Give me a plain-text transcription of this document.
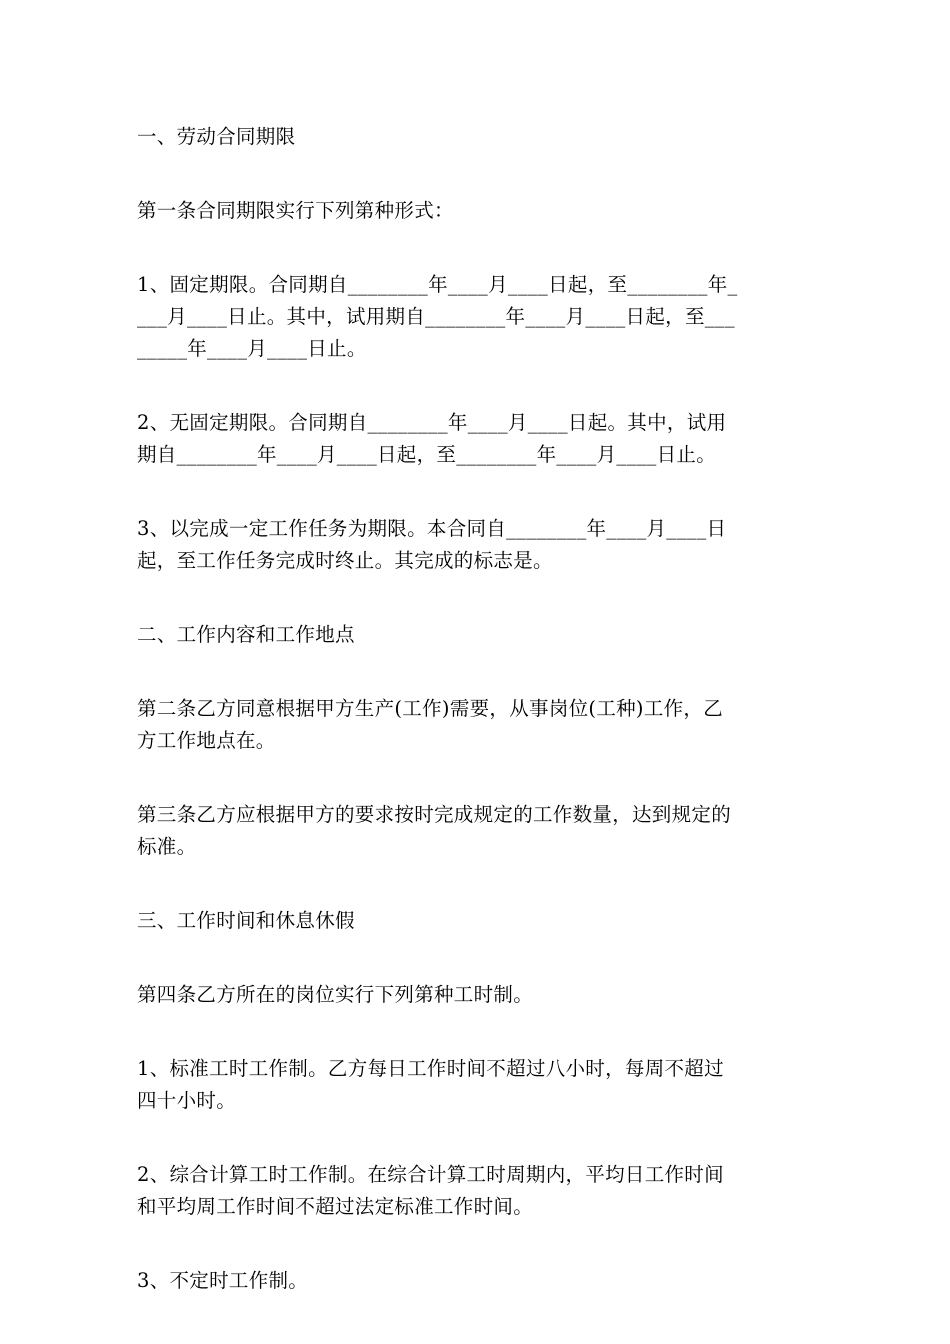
一、劳动合同期限

第一条合同期限实行下列第种形式：

1、固定期限。合同期自________年____月____日起，至________年_
___月____日止。其中，试用期自________年____月____日起，至___
_____年____月____日止。

2、无固定期限。合同期自________年____月____日起。其中，试用
期自________年____月____日起，至________年____月____日止。

3、以完成一定工作任务为期限。本合同自________年____月____日
起，至工作任务完成时终止。其完成的标志是。

二、工作内容和工作地点

第二条乙方同意根据甲方生产(工作)需要，从事岗位(工种)工作，乙
方工作地点在。

第三条乙方应根据甲方的要求按时完成规定的工作数量，达到规定的
标准。

三、工作时间和休息休假

第四条乙方所在的岗位实行下列第种工时制。

1、标准工时工作制。乙方每日工作时间不超过八小时，每周不超过
四十小时。

2、综合计算工时工作制。在综合计算工时周期内，平均日工作时间
和平均周工作时间不超过法定标准工作时间。

3、不定时工作制。
